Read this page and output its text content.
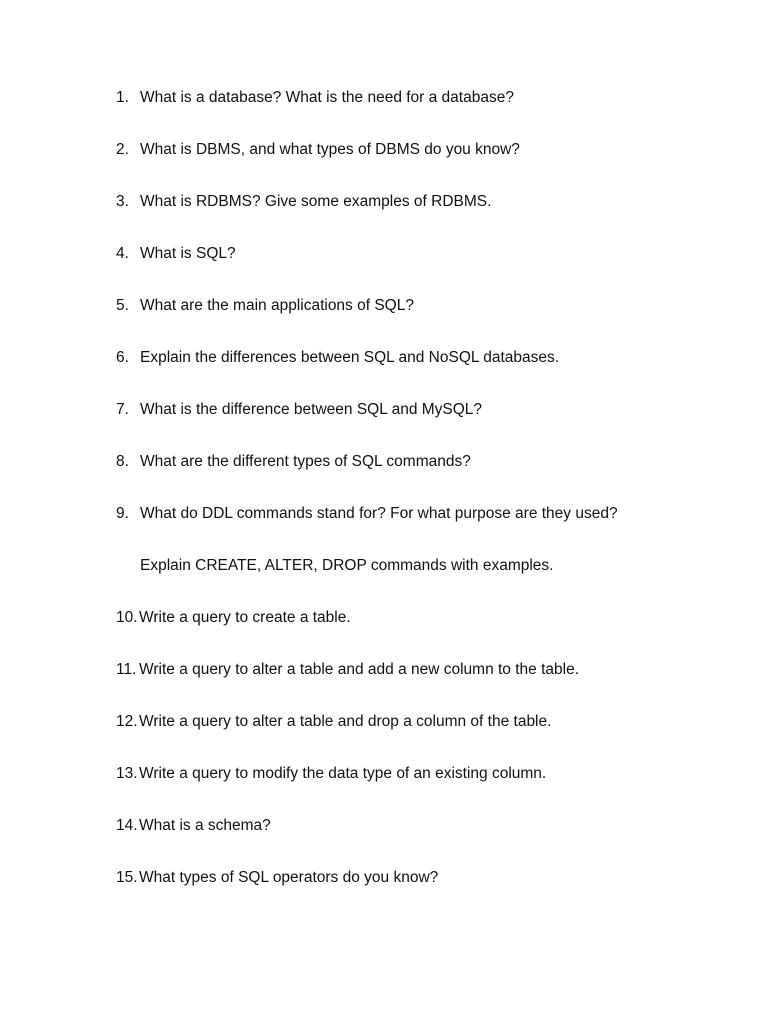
1. What is a database? What is the need for a database?
2. What is DBMS, and what types of DBMS do you know?
3. What is RDBMS? Give some examples of RDBMS.
4. What is SQL?
5. What are the main applications of SQL?
6. Explain the differences between SQL and NoSQL databases.
7. What is the difference between SQL and MySQL?
8. What are the different types of SQL commands?
9. What do DDL commands stand for? For what purpose are they used?
Explain CREATE, ALTER, DROP commands with examples.
10. Write a query to create a table.
11. Write a query to alter a table and add a new column to the table.
12. Write a query to alter a table and drop a column of the table.
13. Write a query to modify the data type of an existing column.
14. What is a schema?
15. What types of SQL operators do you know?
